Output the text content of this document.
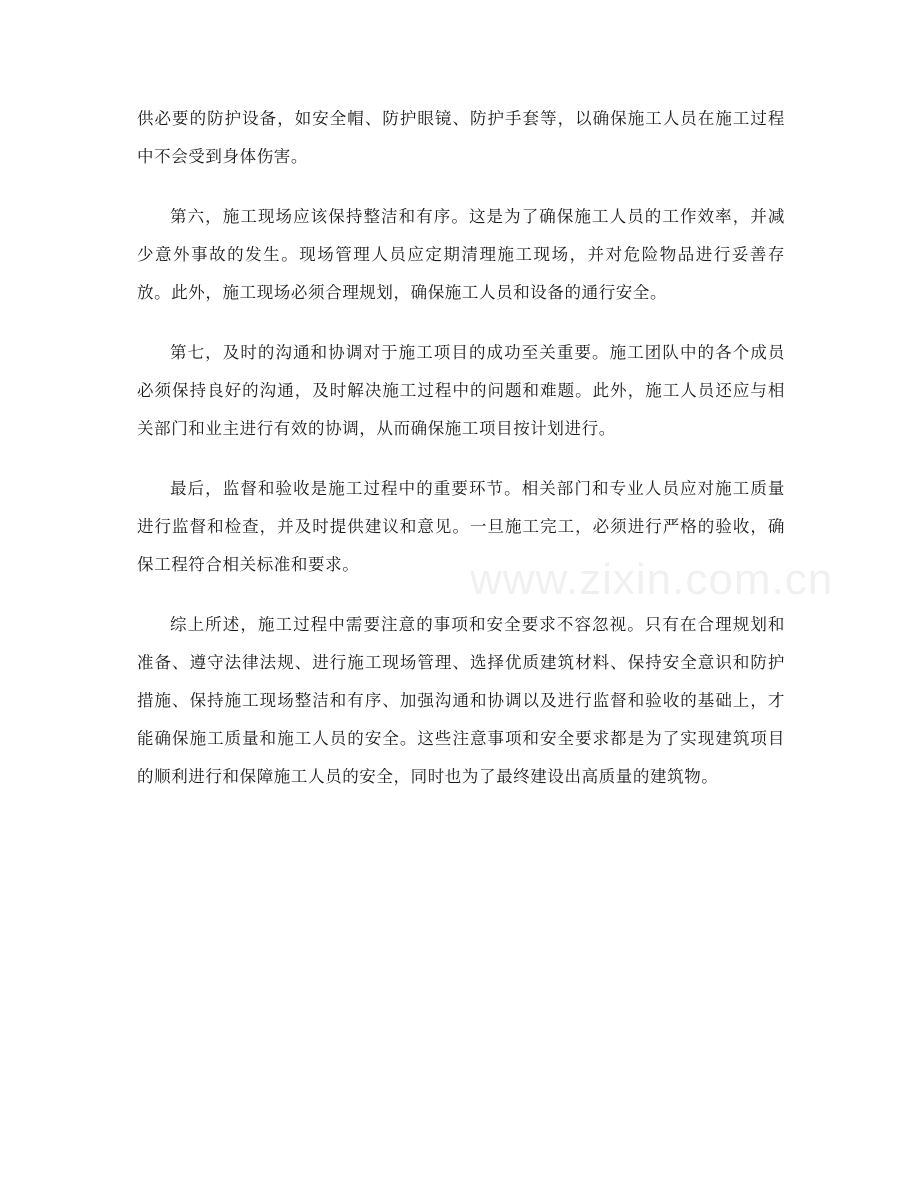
供必要的防护设备，如安全帽、防护眼镜、防护手套等，以确保施工人员在施工过程中不会受到身体伤害。

第六，施工现场应该保持整洁和有序。这是为了确保施工人员的工作效率，并减少意外事故的发生。现场管理人员应定期清理施工现场，并对危险物品进行妥善存放。此外，施工现场必须合理规划，确保施工人员和设备的通行安全。

第七，及时的沟通和协调对于施工项目的成功至关重要。施工团队中的各个成员必须保持良好的沟通，及时解决施工过程中的问题和难题。此外，施工人员还应与相关部门和业主进行有效的协调，从而确保施工项目按计划进行。

最后，监督和验收是施工过程中的重要环节。相关部门和专业人员应对施工质量进行监督和检查，并及时提供建议和意见。一旦施工完工，必须进行严格的验收，确保工程符合相关标准和要求。

综上所述，施工过程中需要注意的事项和安全要求不容忽视。只有在合理规划和准备、遵守法律法规、进行施工现场管理、选择优质建筑材料、保持安全意识和防护措施、保持施工现场整洁和有序、加强沟通和协调以及进行监督和验收的基础上，才能确保施工质量和施工人员的安全。这些注意事项和安全要求都是为了实现建筑项目的顺利进行和保障施工人员的安全，同时也为了最终建设出高质量的建筑物。

www.zixin.com.cn
